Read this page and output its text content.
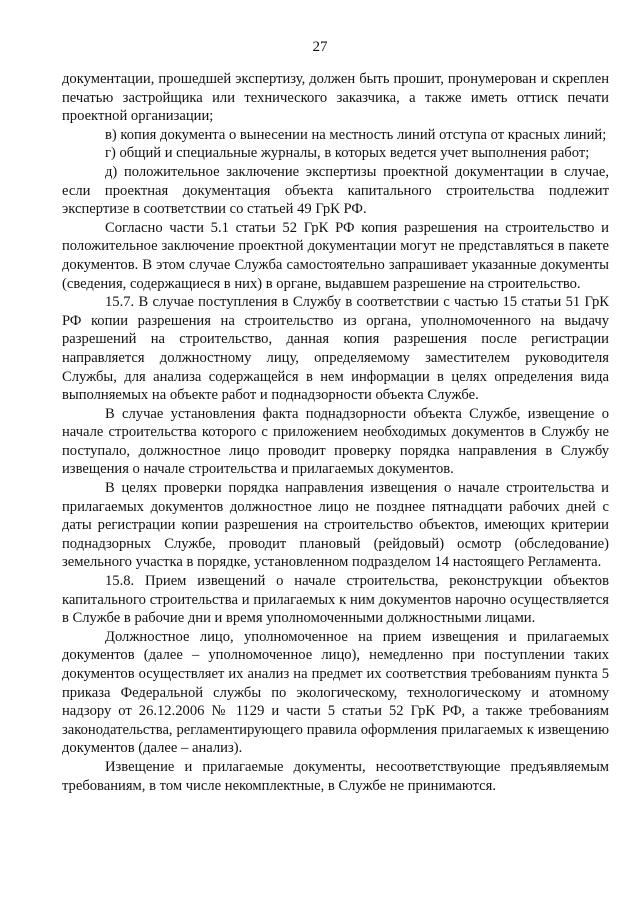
27

документации, прошедшей экспертизу, должен быть прошит, пронумерован и скреплен печатью застройщика или технического заказчика, а также иметь оттиск печати проектной организации;

в) копия документа о вынесении на местность линий отступа от красных линий;

г) общий и специальные журналы, в которых ведется учет выполнения работ;

д) положительное заключение экспертизы проектной документации в случае, если проектная документация объекта капитального строительства подлежит экспертизе в соответствии со статьей 49 ГрК РФ.

Согласно части 5.1 статьи 52 ГрК РФ копия разрешения на строительство и положительное заключение проектной документации могут не представляться в пакете документов. В этом случае Служба самостоятельно запрашивает указанные документы (сведения, содержащиеся в них) в органе, выдавшем разрешение на строительство.

15.7. В случае поступления в Службу в соответствии с частью 15 статьи 51 ГрК РФ копии разрешения на строительство из органа, уполномоченного на выдачу разрешений на строительство, данная копия разрешения после регистрации направляется должностному лицу, определяемому заместителем руководителя Службы, для анализа содержащейся в нем информации в целях определения вида выполняемых на объекте работ и поднадзорности объекта Службе.

В случае установления факта поднадзорности объекта Службе, извещение о начале строительства которого с приложением необходимых документов в Службу не поступало, должностное лицо проводит проверку порядка направления в Службу извещения о начале строительства и прилагаемых документов.

В целях проверки порядка направления извещения о начале строительства и прилагаемых документов должностное лицо не позднее пятнадцати рабочих дней с даты регистрации копии разрешения на строительство объектов, имеющих критерии поднадзорных Службе, проводит плановый (рейдовый) осмотр (обследование) земельного участка в порядке, установленном подразделом 14 настоящего Регламента.

15.8. Прием извещений о начале строительства, реконструкции объектов капитального строительства и прилагаемых к ним документов нарочно осуществляется в Службе в рабочие дни и время уполномоченными должностными лицами.

Должностное лицо, уполномоченное на прием извещения и прилагаемых документов (далее – уполномоченное лицо), немедленно при поступлении таких документов осуществляет их анализ на предмет их соответствия требованиям пункта 5 приказа Федеральной службы по экологическому, технологическому и атомному надзору от 26.12.2006 № 1129 и части 5 статьи 52 ГрК РФ, а также требованиям законодательства, регламентирующего правила оформления прилагаемых к извещению документов (далее – анализ).

Извещение и прилагаемые документы, несоответствующие предъявляемым требованиям, в том числе некомплектные, в Службе не принимаются.
